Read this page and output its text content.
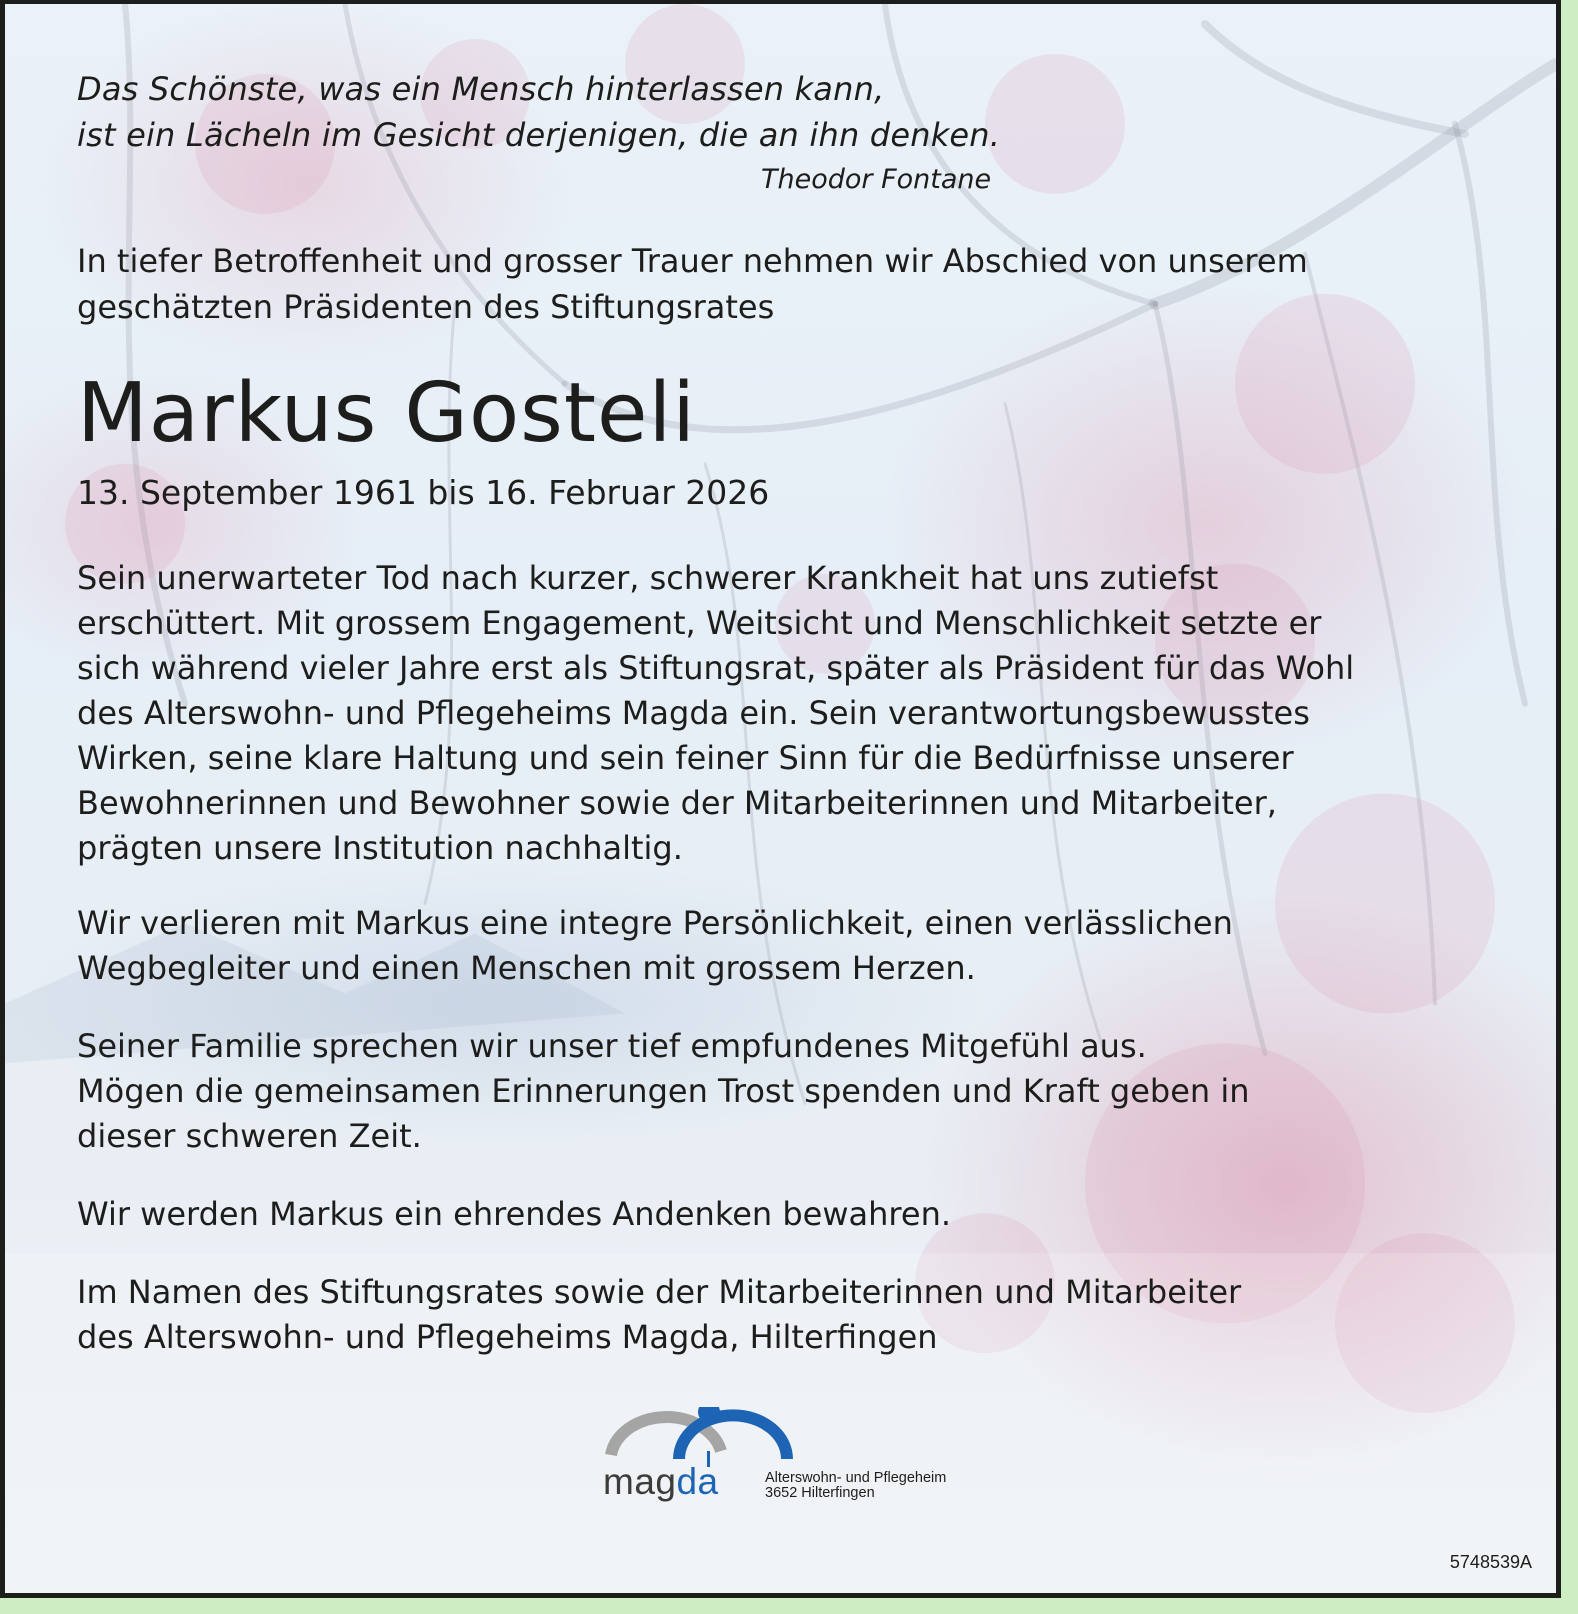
Das Schönste, was ein Mensch hinterlassen kann,
ist ein Lächeln im Gesicht derjenigen, die an ihn denken.
Theodor Fontane
In tiefer Betroffenheit und grosser Trauer nehmen wir Abschied von unserem
geschätzten Präsidenten des Stiftungsrates
Markus Gosteli
13. September 1961 bis 16. Februar 2026
Sein unerwarteter Tod nach kurzer, schwerer Krankheit hat uns zutiefst
erschüttert. Mit grossem Engagement, Weitsicht und Menschlichkeit setzte er
sich während vieler Jahre erst als Stiftungsrat, später als Präsident für das Wohl
des Alterswohn- und Pflegeheims Magda ein. Sein verantwortungsbewusstes
Wirken, seine klare Haltung und sein feiner Sinn für die Bedürfnisse unserer
Bewohnerinnen und Bewohner sowie der Mitarbeiterinnen und Mitarbeiter,
prägten unsere Institution nachhaltig.
Wir verlieren mit Markus eine integre Persönlichkeit, einen verlässlichen
Wegbegleiter und einen Menschen mit grossem Herzen.
Seiner Familie sprechen wir unser tief empfundenes Mitgefühl aus.
Mögen die gemeinsamen Erinnerungen Trost spenden und Kraft geben in
dieser schweren Zeit.
Wir werden Markus ein ehrendes Andenken bewahren.
Im Namen des Stiftungsrates sowie der Mitarbeiterinnen und Mitarbeiter
des Alterswohn- und Pflegeheims Magda, Hilterfingen
magda	Alterswohn- und Pflegeheim
3652 Hilterfingen
5748539A
